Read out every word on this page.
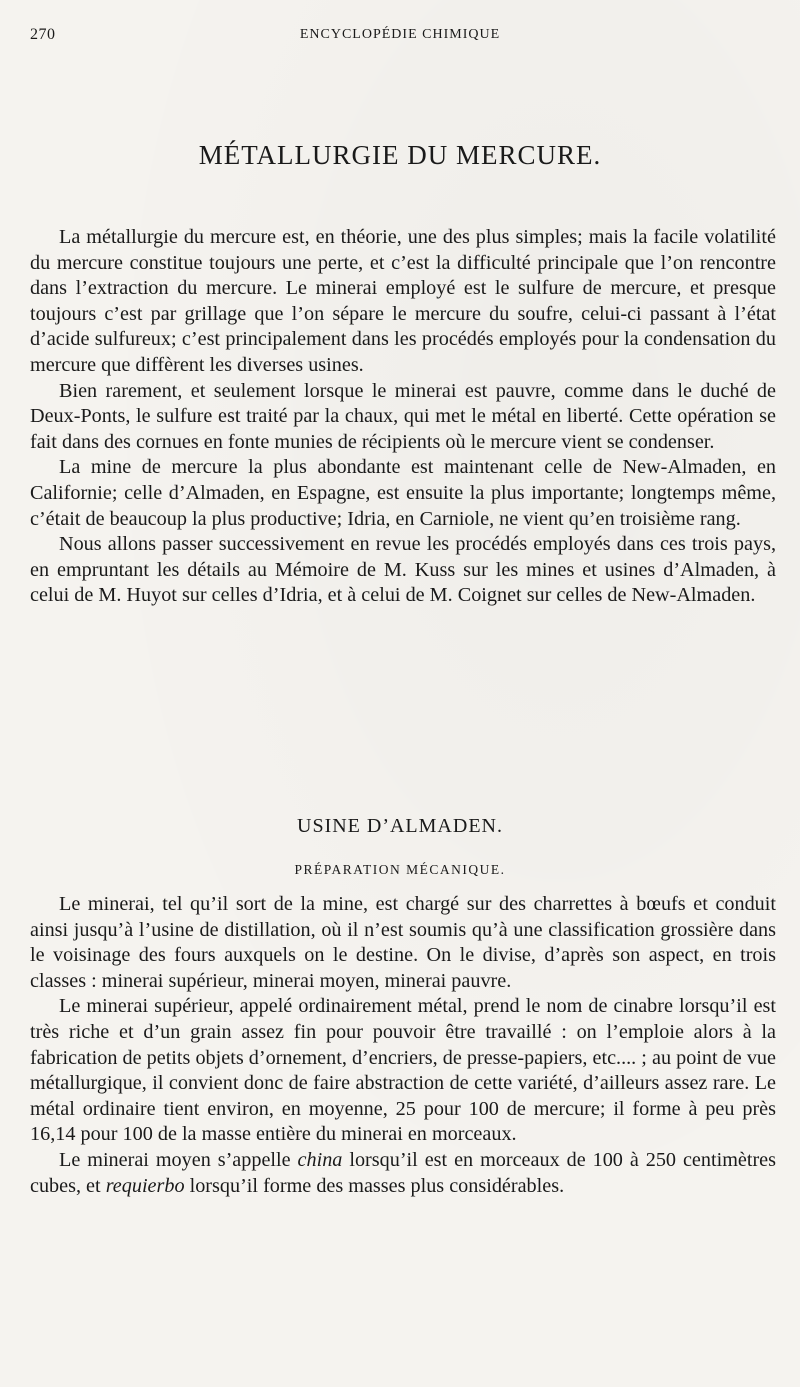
270	ENCYCLOPÉDIE CHIMIQUE
MÉTALLURGIE DU MERCURE.

La métallurgie du mercure est, en théorie, une des plus simples; mais la facile volatilité du mercure constitue toujours une perte, et c’est la difficulté principale que l’on rencontre dans l’extraction du mercure. Le minerai employé est le sulfure de mercure, et presque toujours c’est par grillage que l’on sépare le mercure du soufre, celui-ci passant à l’état d’acide sulfureux; c’est principalement dans les procédés employés pour la condensation du mercure que diffèrent les diverses usines.

Bien rarement, et seulement lorsque le minerai est pauvre, comme dans le duché de Deux-Ponts, le sulfure est traité par la chaux, qui met le métal en liberté. Cette opération se fait dans des cornues en fonte munies de récipients où le mercure vient se condenser.

La mine de mercure la plus abondante est maintenant celle de New-Almaden, en Californie; celle d’Almaden, en Espagne, est ensuite la plus importante; longtemps même, c’était de beaucoup la plus productive; Idria, en Carniole, ne vient qu’en troisième rang.

Nous allons passer successivement en revue les procédés employés dans ces trois pays, en empruntant les détails au Mémoire de M. Kuss sur les mines et usines d’Almaden, à celui de M. Huyot sur celles d’Idria, et à celui de M. Coignet sur celles de New-Almaden.

USINE D’ALMADEN.
PRÉPARATION MÉCANIQUE.

Le minerai, tel qu’il sort de la mine, est chargé sur des charrettes à bœufs et conduit ainsi jusqu’à l’usine de distillation, où il n’est soumis qu’à une classification grossière dans le voisinage des fours auxquels on le destine. On le divise, d’après son aspect, en trois classes : minerai supérieur, minerai moyen, minerai pauvre.

Le minerai supérieur, appelé ordinairement métal, prend le nom de cinabre lorsqu’il est très riche et d’un grain assez fin pour pouvoir être travaillé : on l’emploie alors à la fabrication de petits objets d’ornement, d’encriers, de presse-papiers, etc.... ; au point de vue métallurgique, il convient donc de faire abstraction de cette variété, d’ailleurs assez rare. Le métal ordinaire tient environ, en moyenne, 25 pour 100 de mercure; il forme à peu près 16,14 pour 100 de la masse entière du minerai en morceaux.

Le minerai moyen s’appelle china lorsqu’il est en morceaux de 100 à 250 centimètres cubes, et requierbo lorsqu’il forme des masses plus considérables.
